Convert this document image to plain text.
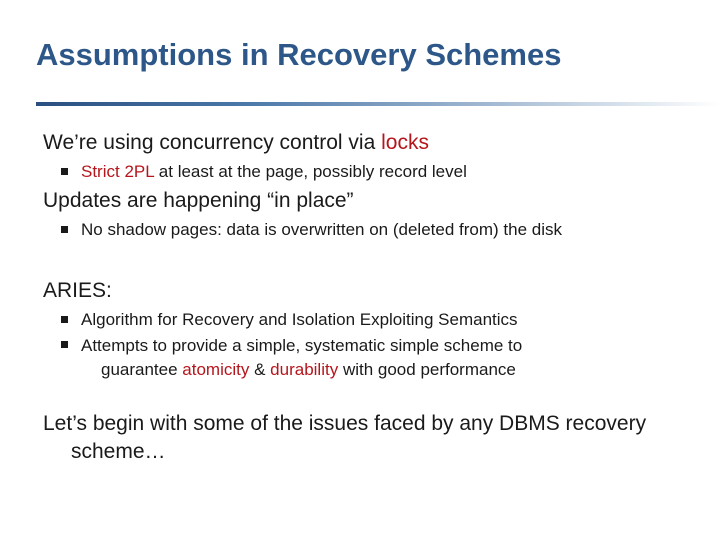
Assumptions in Recovery Schemes
We’re using concurrency control via locks
Strict 2PL at least at the page, possibly record level
Updates are happening “in place”
No shadow pages: data is overwritten on (deleted from) the disk
ARIES:
Algorithm for Recovery and Isolation Exploiting Semantics
Attempts to provide a simple, systematic simple scheme to
guarantee atomicity & durability with good performance
Let’s begin with some of the issues faced by any DBMS recovery scheme…
